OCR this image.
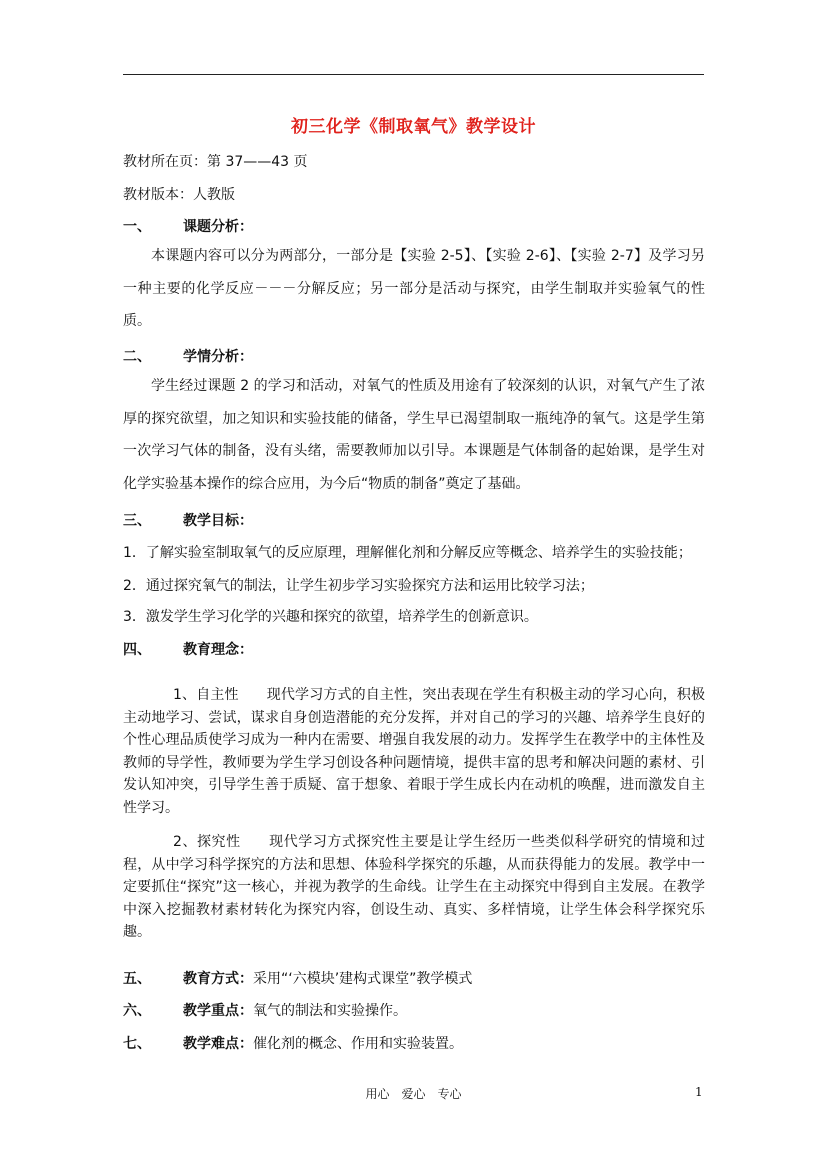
初三化学《制取氧气》教学设计
教材所在页：第 37——43 页
教材版本：人教版
一、 课题分析：
本课题内容可以分为两部分，一部分是【实验 2-5】、【实验 2-6】、【实验 2-7】及学习另一种主要的化学反应－－－分解反应；另一部分是活动与探究，由学生制取并实验氧气的性质。
二、 学情分析：
学生经过课题 2 的学习和活动，对氧气的性质及用途有了较深刻的认识，对氧气产生了浓厚的探究欲望，加之知识和实验技能的储备，学生早已渴望制取一瓶纯净的氧气。这是学生第一次学习气体的制备，没有头绪，需要教师加以引导。本课题是气体制备的起始课，是学生对化学实验基本操作的综合应用，为今后“物质的制备”奠定了基础。
三、 教学目标：
1．了解实验室制取氧气的反应原理，理解催化剂和分解反应等概念、培养学生的实验技能；
2．通过探究氧气的制法，让学生初步学习实验探究方法和运用比较学习法；
3．激发学生学习化学的兴趣和探究的欲望，培养学生的创新意识。
四、 教育理念：
1、自主性 现代学习方式的自主性，突出表现在学生有积极主动的学习心向，积极主动地学习、尝试，谋求自身创造潜能的充分发挥，并对自己的学习的兴趣、培养学生良好的个性心理品质使学习成为一种内在需要、增强自我发展的动力。发挥学生在教学中的主体性及教师的导学性，教师要为学生学习创设各种问题情境，提供丰富的思考和解决问题的素材、引发认知冲突，引导学生善于质疑、富于想象、着眼于学生成长内在动机的唤醒，进而激发自主性学习。
2、探究性 现代学习方式探究性主要是让学生经历一些类似科学研究的情境和过程，从中学习科学探究的方法和思想、体验科学探究的乐趣，从而获得能力的发展。教学中一定要抓住“探究”这一核心，并视为教学的生命线。让学生在主动探究中得到自主发展。在教学中深入挖掘教材素材转化为探究内容，创设生动、真实、多样情境，让学生体会科学探究乐趣。
五、 教育方式：采用“‘六模块’建构式课堂”教学模式
六、 教学重点：氧气的制法和实验操作。
七、 教学难点：催化剂的概念、作用和实验装置。
用心　爱心　专心	1
